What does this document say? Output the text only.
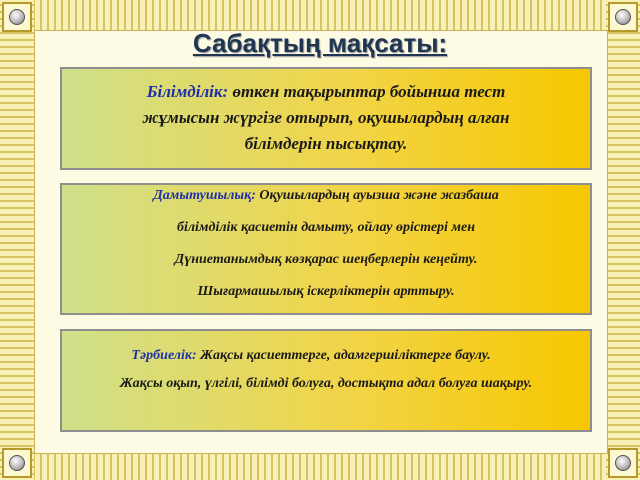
Сабақтың мақсаты:
Білімділік: өткен тақырыптар бойынша тест
жұмысын жүргізе отырып, оқушылардың алған
білімдерін пысықтау.
Дамытушылық: Оқушылардың ауызша және жазбаша
білімділік қасиетін дамыту, ойлау өрістері мен
Дүниетанымдық көзқарас шеңберлерін кеңейту.
Шығармашылық іскерліктерін арттыру.
Тәрбиелік: Жақсы қасиеттерге, адамгершіліктерге баулу.
Жақсы оқып, үлгілі, білімді болуға, достықта адал болуға шақыру.
